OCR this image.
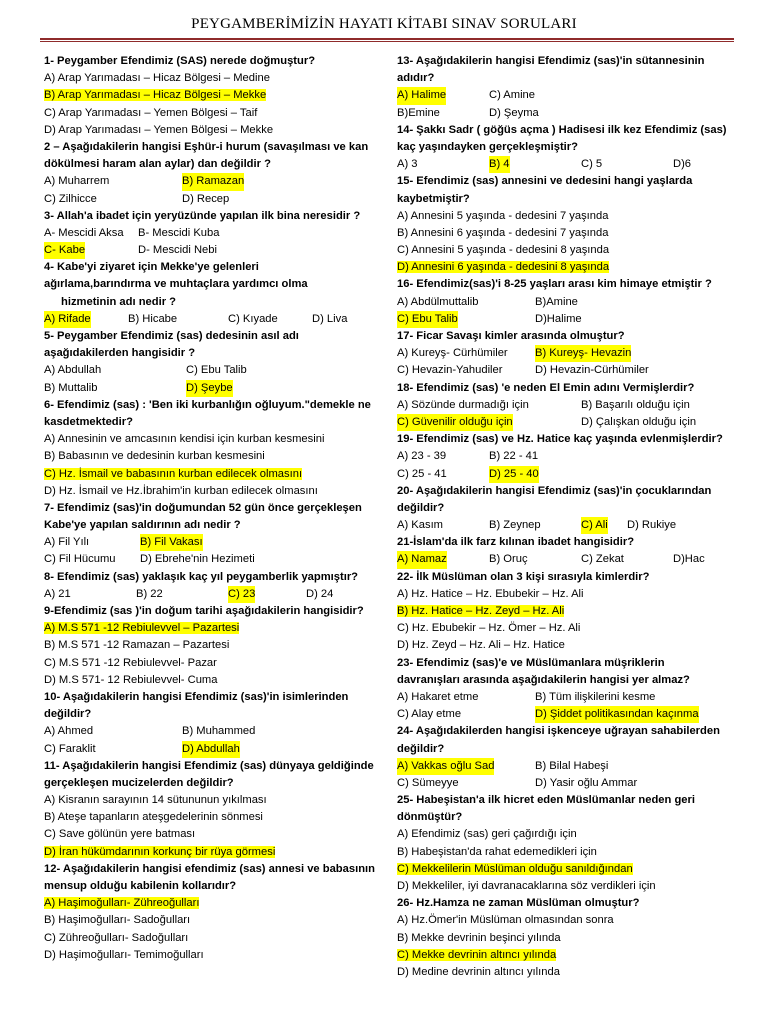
PEYGAMBERİMİZİN HAYATI KİTABI SINAV SORULARI
1- Peygamber Efendimiz (SAS) nerede doğmuştur?
A) Arap Yarımadası – Hicaz Bölgesi – Medine
B) Arap Yarımadası – Hicaz Bölgesi – Mekke
C) Arap Yarımadası – Yemen Bölgesi – Taif
D) Arap Yarımadası – Yemen Bölgesi – Mekke
2 – Aşağıdakilerin hangisi Eşhür-i hurum (savaşılması ve kan
dökülmesi haram alan aylar) dan değildir ?
A) Muharrem	B) Ramazan
C) Zilhicce	D) Recep
3- Allah'a ibadet için yeryüzünde yapılan ilk bina neresidir ?
A- Mescidi Aksa B- Mescidi Kuba
C- Kabe	D- Mescidi Nebi
4- Kabe'yi ziyaret için Mekke'ye gelenleri
ağırlama,barındırma ve muhtaçlara yardımcı olma
hizmetinin adı nedir ?
A) Rifade	B) Hicabe	C) Kıyade	D) Liva
5- Peygamber Efendimiz (sas) dedesinin asıl adı
aşağıdakilerden hangisidir ?
A) Abdullah	C) Ebu Talib
B) Muttalib	D) Şeybe
6- Efendimiz (sas) : 'Ben iki kurbanlığın oğluyum."demekle ne
kasdetmektedir?
A) Annesinin ve amcasının kendisi için kurban kesmesini
B) Babasının ve dedesinin kurban kesmesini
C) Hz. İsmail ve babasının kurban edilecek olmasını
D) Hz. İsmail ve Hz.İbrahim'in kurban edilecek olmasını
7- Efendimiz (sas)'in doğumundan 52 gün önce gerçekleşen
Kabe'ye yapılan saldırının adı nedir ?
A) Fil Yılı	B) Fil Vakası
C) Fil Hücumu D) Ebrehe'nin Hezimeti
8- Efendimiz (sas) yaklaşık kaç yıl peygamberlik yapmıştır?
A) 21	B) 22	C) 23	D) 24
9-Efendimiz (sas )'in doğum tarihi aşağıdakilerin hangisidir?
A) M.S 571 -12 Rebiulevvel – Pazartesi
B) M.S 571 -12 Ramazan – Pazartesi
C) M.S 571 -12 Rebiulevvel- Pazar
D) M.S 571- 12 Rebiulevvel- Cuma
10- Aşağıdakilerin hangisi Efendimiz (sas)'in isimlerinden
değildir?
A) Ahmed	B) Muhammed
C) Faraklit	D) Abdullah
11- Aşağıdakilerin hangisi Efendimiz (sas) dünyaya geldiğinde
gerçekleşen mucizelerden değildir?
A) Kisranın sarayının 14 sütununun yıkılması
B) Ateşe tapanların ateşgedelerinin sönmesi
C) Save gölünün yere batması
D) İran hükümdarının korkunç bir rüya görmesi
12- Aşağıdakilerin hangisi efendimiz (sas) annesi ve babasının
mensup olduğu kabilenin kollarıdır?
A) Haşimoğulları- Zühreoğulları
B) Haşimoğulları- Sadoğulları
C) Zühreoğulları- Sadoğulları
D) Haşimoğulları- Temimoğulları
13- Aşağıdakilerin hangisi Efendimiz (sas)'in sütannesinin
adıdır?
A) Halime	C) Amine
B)Emine	D) Şeyma
14- Şakkı Sadr ( göğüs açma ) Hadisesi ilk kez Efendimiz (sas)
kaç yaşındayken gerçekleşmiştir?
A) 3	B) 4	C) 5	D)6
15- Efendimiz (sas) annesini ve dedesini hangi yaşlarda
kaybetmiştir?
A) Annesini 5 yaşında - dedesini 7 yaşında
B) Annesini 6 yaşında - dedesini 7 yaşında
C) Annesini 5 yaşında - dedesini 8 yaşında
D) Annesini 6 yaşında - dedesini 8 yaşında
16- Efendimiz(sas)'i 8-25 yaşları arası kim himaye etmiştir ?
A) Abdülmuttalib	B)Amine
C) Ebu Talib	D)Halime
17- Ficar Savaşı kimler arasında olmuştur?
A) Kureyş- Cürhümiler B) Kureyş- Hevazin
C) Hevazin-Yahudiler	D) Hevazin-Cürhümiler
18- Efendimiz (sas) 'e neden El Emin adını Vermişlerdir?
A) Sözünde durmadığı için	B) Başarılı olduğu için
C) Güvenilir olduğu için	D) Çalışkan olduğu için
19- Efendimiz (sas) ve Hz. Hatice kaç yaşında evlenmişlerdir?
A) 23 - 39	B) 22 - 41
C) 25 - 41	D) 25 - 40
20- Aşağıdakilerin hangisi Efendimiz (sas)'in çocuklarından
değildir?
A) Kasım	B) Zeynep	C) Ali D) Rukiye
21-İslam'da ilk farz kılınan ibadet hangisidir?
A) Namaz	B) Oruç	C) Zekat	D)Hac
22- İlk Müslüman olan 3 kişi sırasıyla kimlerdir?
A) Hz. Hatice – Hz. Ebubekir – Hz. Ali
B) Hz. Hatice – Hz. Zeyd – Hz. Ali
C) Hz. Ebubekir – Hz. Ömer – Hz. Ali
D) Hz. Zeyd – Hz. Ali – Hz. Hatice
23- Efendimiz (sas)'e ve Müslümanlara müşriklerin
davranışları arasında aşağıdakilerin hangisi yer almaz?
A) Hakaret etme	B) Tüm ilişkilerini kesme
C) Alay etme	D) Şiddet politikasından kaçınma
24- Aşağıdakilerden hangisi işkenceye uğrayan sahabilerden
değildir?
A) Vakkas oğlu Sad	B) Bilal Habeşi
C) Sümeyye	D) Yasir oğlu Ammar
25- Habeşistan'a ilk hicret eden Müslümanlar neden geri
dönmüştür?
A) Efendimiz (sas) geri çağırdığı için
B) Habeşistan'da rahat edemedikleri için
C) Mekkelilerin Müslüman olduğu sanıldığından
D) Mekkeliler, iyi davranacaklarına söz verdikleri için
26- Hz.Hamza ne zaman Müslüman olmuştur?
A) Hz.Ömer'in Müslüman olmasından sonra
B) Mekke devrinin beşinci yılında
C) Mekke devrinin altıncı yılında
D) Medine devrinin altıncı yılında
